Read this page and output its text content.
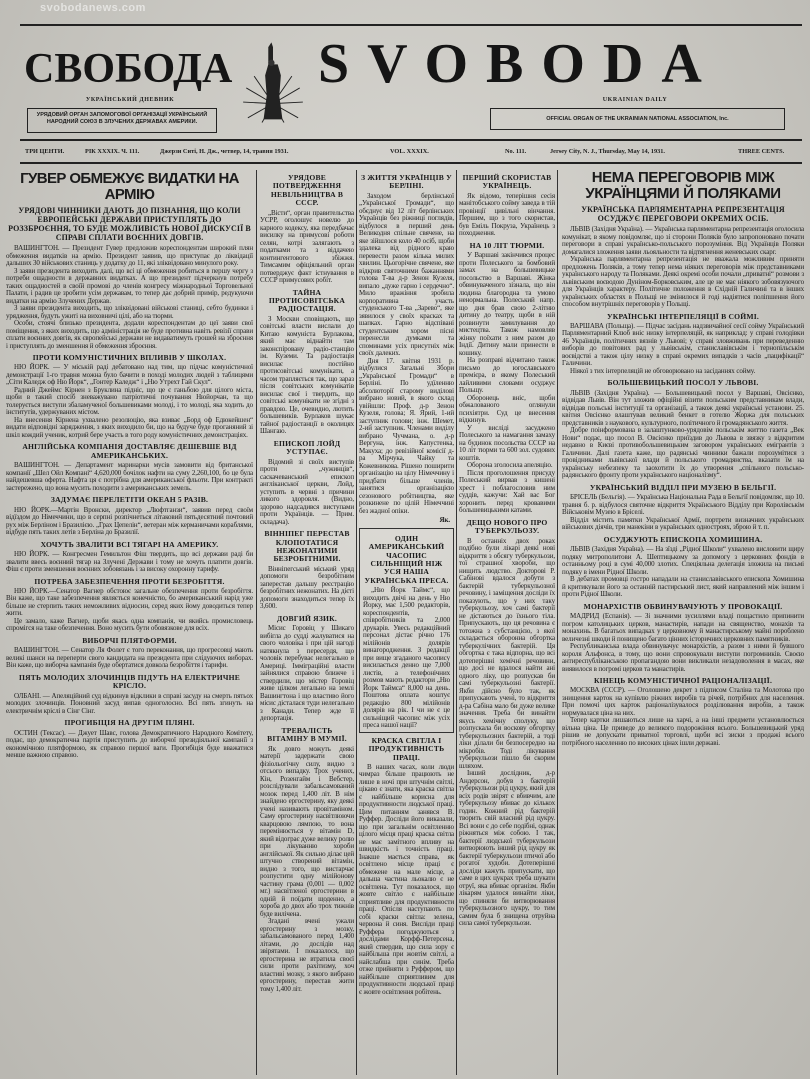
svobodanews.com
СВОБОДА
УКРАЇНСЬКИЙ ДНЕВНИК
УРЯДОВИЙ ОРГАН ЗАПОМОГОВОЇ ОРГАНІЗАЦІЇ УКРАЇНСЬКИЙ НАРОДНИЙ СОЮЗ В ЗЛУЧЕНИХ ДЕРЖАВАХ АМЕРИКИ.
SVOBODA
UKRAINIAN DAILY
OFFICIAL ORGAN OF THE UKRAINIAN NATIONAL ASSOCIATION, Inc.
ТРИ ЦЕНТИ.	РІК XXXIX. Ч. 111.	Джерзи Ситі, Н. Дж., четвер, 14, травня 1931.	VOL. XXXIX.	No. 111.	Jersey City, N. J., Thursday, May 14, 1931.	THREE CENTS.
ГУВЕР ОБМЕЖУЄ ВИДАТКИ НА АРМІЮ
УРЯДОВІ ЧИННИКИ ДАЮТЬ ДО ПІЗНАННЯ, ЩО КОЛИ ЕВРОПЕЙСЬКІ ДЕРЖАВИ ПРИСТУПЛЯТЬ ДО РОЗЗБРОЄННЯ, ТО БУДЕ МОЖЛИВІСТЬ НОВОЇ ДИСКУСІЇ В СПРАВІ СПЛАТИ ВОЄННИХ ДОВГІВ.

ВАШИНГТОН. — Президент Гувер предложив кореспондентам широкий плян обмеження видатків на армію. Президент заявив, що приступає до ліквідації дальших 30 військових станиць у додатку до 11, які зліквідовано минулого року.

З заяви президента виходить далі, що всі ці обмеження робиться в першу чергу з потреби ощадности в державних видатках. А що президент підчеркнув потребу таких ощадностей в своїй промові до членів конгресу міжнародньої Торговельної Палати, і радив це зробити усім державам, то тепер дає добрий примір, редукуючи видатки на армію Злучених Держав.

З заяви президента виходить, що зліквідовані військові станиці, себто будинки і урядження, будуть ужиті на виховничі цілі, або на тюрми.

Особи, стоячі близько президента, додали кореспондентам до цеї заяви свої поміщення, з яких виходить, що адміністрація не буде противна навіть ревізії справи сплати воєнних довгів, як європейські держави не видаватимуть грошей на зброєння і приступлять до зменшення й обмеження зброєння.

ПРОТИ КОМУНІСТИЧНИХ ВПЛИВІВ У ШКОЛАХ.

НЮ ЙОРК. — У міській раді дебатовано над тим, що підчас комуністичної демонстрації 1-го травня можна було бачити в поході молодих людей з таблицями „Сіти Каледж оф Ню Йорк“, „Гонтер Каледж“ і „Ню Утрехт Гай Скул“.

Радний Джеймс Кірнен з Бруклина підніс, що це є ганьбою для цілого міста, щоби в такий спосіб зневажувано патріотичні почування Нюйорчан, та що толерується виступи збаламученої большевиками молоді, і то молоді, яка ходить до інститутів, удержуваних містом.

На внесення Кірнена ухвалено резолюцію, яка взиває „Борд оф Едюкейшен“ видати відповідні зарядження, з яких виходило би, що на будуче буде проганяний зі шкіл кождий ученик, котрий бере участь в того роду комуністичних демонстраціях.

АНГЛІЙСЬКА КОМПАНІЯ ДОСТАВЛЯЄ ДЕШЕВШЕ ВІД АМЕРИКАНСЬКИХ.

ВАШИНГТОН. — Департамент маринарки мусів замовити від британської компанії „Шел Ойл Компані“ 4,620,000 бочілок нафти на суму 2,260,100, бо це була найдешевша оферта. Нафта ця є потрібна для американської фльоти. При контракті застережено, що вона мусить походити з американських земель.

ЗАДУМАЄ ПЕРЕЛЕТІТИ ОКЕАН 5 РАЗІВ.

НЮ ЙОРК.—Мартін Вронски, директор „Люфтганзи“, заявив перед своїм відїздом до Німеччини, що в серпні розпічнеться літаковий пятьдесятний почтовий рух між Берліном і Бразилією. „Грах Цепелін“, ветеран між керманичами кораблями, відбуде пять таких летів з Берліна до Бразилії.

ХОЧУТЬ ЗВАЛИТИ ВСІ ТЯГАРІ НА АМЕРИКУ.

НЮ ЙОРК. — Конгресмен Гемильтон Фіш твердить, що всі держави раді би звалити ввесь воєнний тягар на Злучені Держави і тому не хочуть платити довгів. Фіш є проти зменшення воєнних зобовязань і за високу охоронну тарифу.

ПОТРЕБА ЗАБЕЗПЕЧЕННЯ ПРОТИ БЕЗРОБІТТЯ.

НЮ ЙОРК.—Сенатор Вагнер обстоює загальне обезпечення проти безробіття. Він каже, що таке забезпечення являється конечністю, бо американський нарід уже більше не стерпить таких неможливих відносин, серед яких йому доводиться тепер жити.

Це замало, каже Вагнер, щоби якась одна компанія, чи якийсь промисловець спромігся на таке обезпечення. Воно мусить бути обовязкове для всіх.

ВИБОРЧІ ПЛЯТФОРМИ.

ВАШИНГТОН. — Сенатор Ля Фолет є того переконання, що прогресовці мають великі шанси на переперти свого кандидата на президента при слідуючих виборах. Він каже, що виборча кампанія буде обертатися довкола безробіття і тарифи.

ПЯТЬ МОЛОДИХ ЗЛОЧИНЦІВ ПІДУТЬ НА ЕЛЕКТРИЧНЕ КРІСЛО.

ОЛБАНІ. — Апеляційний суд відкинув відклики в справі засуду на смерть пятьох молодих злочинців. Поновний засуд випав одноголосно. Всі пять згинуть на електричнім кріслі в Сінг Сінг.

ПРОГИБІЦІЯ НА ДРУГІМ ПЛЯНІ.

ОСТИН (Тексас). — Джует Шавс, голова Демократичного Народного Комітету, подає, що демократична партія приступить до виборчої президіяльної кампанії з економічною плятформою, як справою першої ваги. Прогибіція буде вважатися менше важною справою.

УРЯДОВЕ ПОТВЕРДЖЕННЯ НЕВІЛЬНИЦТВА В СССР.

„Вісти“, орган правительства УСРР, оголошує новелю до карного кодексу, яка передбачає висилку на примусові роботи селян, котрі залягають з податками та з віддачею контингентового збіжжя. Тимсамим офіціяльний орган потверджує факт істнування в СССР примусових робіт.

ТАЙНА ПРОТИСОВІТСЬКА РАДІОСТАЦІЯ.

З Москви сповіщають, що совітські власти вислали до Китаю комуніста Бурлакова, який має віднайти там законспіровану радіо-станцію ім. Куземи. Та радіостація висилає постійно протисовітські комунікати, а часом трапляється так, що зараз після совітських комунікатів висилає свої і твердить, що совітські комунікати не згідні з правдою. Це, очевидно, лютить большевиків. Бурлаков шукає тайної радіостанції в околицях Шангаю.

ЕПИСКОП ЛОЙД УСТУПАЄ.

Відомий зі своїх виступів проти „чужинців“, саскачеванський епископ англіканської церкви, Лойд, уступить в червні з причини ликого здоровля. (Видно, здорово надсадився виступами проти Українців. — Прим. складача).

ВІННІПЕГ ПЕРЕСТАВ КЛОПОТАТИСЯ НЕЖОНАТИМИ БЕЗРОБІТНИМИ.

Вінніпегський міський уряд допомоги безробітним заперестав дальшу реєстрацію безробітних нежонатих. На дієті допомоги знаходиться тепер їх 3,600.

ДОВГИЙ ЯЗИК.

Місис Горовіц у Шикаго вибігла до судді жалуватися на свого чоловіка і при цій нагоді натякнула з пересердя, що чоловік перебуває нелегально в Америці. Імміграційні власти зайнялися справою ближче і ствердили, що містер Горовіц живе цілком легально на землі Вашингтона і що властиво його місис дісталася туди нелегально з Канади. Тепер жде її депортація.

ТРЕВАЛІСТЬ ВІТАМІНУ В МУМІЇ.

Як довго можуть деякі матерії задержати свою фізіольогічну силу, видно з отсього випадку. Трох учених, Кін, Розенгайм і Вебстер, розслідували забальсамований мозок перед 1,400 літ. В нім знайдено ергостерину, яку деякі учені називають провітаміном. Саму ергостерину насвітлюючи кварцовою лямпою, то вона перемінюється у вітамін D, який відограє дуже велику ролю при лікуванню хороби англійської. Як сильно ділає цей штучно створений вітамін, видно з того, що вистарчає розпустити одну мілійонову частину грама (0,001 — 0,002 мг.) насвітленої ергостерини в одній й поїдати щоденно, а хороба до двох або трох тижнів буде вилічена.

Згадані вчені ужали ергостерину з мозку, забальсамованого перед 1,400 літами, до дослідів над звірятами. І показалося, що ергостерина не втратила своєї сили проти рахітизму, хоч властиві мозку, з якого вибрано ергостерину, перестав жити тому 1,400 літ.

З ЖИТТЯ УКРАЇНЦІВ У БЕРЛІНІ.

Заходом берлінської „Української Громади“, що обєднує від 12 літ берлінських Українців без ріжниці поглядів, відбулося в перший день Великодня спільне свячене, на яке зійшлося коло 40 осіб, щоби здалека від рідного краю перевести разом кілька милих хвилин. Цьогорічне свячене, яке відкрив святочними бажаннями голова Т-ва д-р Зенон Кузеля, випало „дуже гарно і сердечно“. Мило вражіння зробила корпоративна участь студенського Т-ва „Зарево“, яке зявилося у своїх красках та шапках. Гарно відспівані студентським хором пісні перенесли думками та споминами усіх присутніх між своїх далеких.

Дня 17. квітня 1931 р. відбулися Загальні Збори „Української Громади“ в Берліні. По удїленню абсолюторії старому виділові вибрано новий, в якого склад увійшли: Проф. д-р Зенон Кузеля, голова; Я. Ярий, 1-ий заступник голови; інж. Шемет, 2-ий заступник. Членами виділу вибрано Чучмана, о. д-р Вергуна, інж. Капустенка, Макуха; до ревізійної комісії д-ра Мірчука, Чайку та Кожевникова. Рішено поширити організацію на цілу Німеччину і придбати більше членів, занятися організацією сезонового робітництва, яке розкинене по цілій Німеччині без жадної опіки.

Як.
ОДИН АМЕРИКАНСЬКИЙ ЧАСОПИС СИЛЬНІЩИЙ НІЖ УСЯ НАША УКРАЇНСЬКА ПРЕСА.

„Ню Йорк Таймс“, що виходить двічі на день у Ню Йорку, має 1,500 редакторів, кореспондентів, співробітників та 2,000 друкарів. Увесь редакційний персонал дістає річно 176 мілійонів долярів винагородження. З редакції при вище згаданого часопису висилається денно ще 7,000 листів, а телефонічних розмов мають редактори „Ню Йорк Таймса“ 8,000 на день. Поштова оплата коштує редакцію 800 мілійонів долярів на рік. І чи не є це сильніщий часопис між усіх преса нашої нації?

КРАСКА СВІТЛА І ПРОДУКТИВНІСТЬ ПРАЦІ.

В наших часах, коли люди чимраз більше працюють не лише в ночі при штучнім світлі, цікаво є знати, яка краска світла є найбільше корисна для продуктивности людської праці. Цим питанням занявся В. Руффер. Досліди його виказали, що при загальнім освітленню цілого місця праці краска світла не має замітного впливу на швидкість і точність праці. Інакше мається справа, як освітлено місце праці є обмежене на мале місце, а дальша частина льокалю є не освітлена. Тут показалося, що жовте світло є найбільше сприятливе для продуктивности праці. Опісля наступають по собі краски світла: зелена, червона й синя. Висліди праці Руффера погоджуються з дослідами Корфф-Петерсена, який ствердив, що сила зору є найбільша при жовтім світлі, а найслабша при синім. Треба отже прийняти з Руффером, що найбільше сприятливим для продуктивности людської праці є жовте освітлення робітень.

ПЕРШИЙ СКОРИСТАВ УКРАЇНЕЦЬ.

Як відомо, теперішня сесія манітобського сойму заведа в тій провінції цивільні вінчання. Першим, що з того скористав, був Еміль Покруза, Українець з походження.

НА 10 ЛІТ ТЮРМИ.

У Варшаві закінчився процес проти Полеського за бомбовий замах на большевицьке посольство в Варшаві. Жінка обвинуваченого зізнала, що він людина благородна та умово ненормальна. Полеський напр. що дня брав свою 2-літню дитину до театру, щоби в ній розвинути замилування до мистецтва. Також намовляв жінку поїхати з ним разом до Індії. Дитину мали принести в кошику.

На розправі відчитано також письмо до югославського премієра, в якому Полеський лайливими словами осуджує Польщу.

Оборонець вніс, щоби обжалованого оглянули психіятри. Суд це внесення відкинув.

У висліді засуджено Полеського за намагання замаху на будинок посольства СССР на 10 літ тюрми та 600 зол. судових коштів.

Оборона зголосила апеляцію.

Після проголошення присуду Полеський вирвав з кишені хрест і поблагословив ним суддів, кажучи: Хай вас Бог хоронить перед кровавими большевицькими катами.

ДЕЩО НОВОГО ПРО ТУБЕРКУЛЬОЗУ.

В останніх двох роках подібно були лікарі деякі нові відкриття з обсягу туберкульози, тої страшної хвороби, що нищить людство. Докторові Р. Сабінові вдалося добути з бактерій туберкульозної речовину, і заміщення досліди їх показують, що у них таку туберкульозу, хоч самі бактерії не дістаються до їхнього тіла. Припускають, що ця речовина є тотожна з субстанцією, з якої складається оборонна обгортка туберкулічних бактерій. Ця обгортка є така відпорна, що всі дотеперішні хемічні речовини, що досі не вдалося найти ані одного ліку, що розпускав би самі туберкульозні бактерії. Якби дійсно було так, як припускають учені, то відкриття д-ра Сабіна мало би дуже велике значення. Треба би винайти якусь хемічну сполуку, що розпускала би воскову обгортку туберкульозних бактерій, а тоді ліки ділали би безпосередно на мікробів. Тоді лікування туберкульози пішло би скорим шляхом.

Інший дослідник, д-р Андерсон, добув з бактерій туберкульози рід цукру, який для всіх родів звірят є вбивчим, але туберкульозу вбиває до кількох годин. Кожний рід бактерій творить свій власний рід цукру. Всі вони є до себе подібні, однак ріжняться між собою. І так, бактерії людської туберкульози витворюють інший рід цукру як бактерії туберкульози птичої або рогатої худоби. Дотеперішні досліди кажуть припускати, що саме в цих цукрах треба шукати отруї, яка вбиває організм. Якби лікарям удалося винайти ліки, що спиняли би витворювання туберкульозного цукру, то тим самим була б знищена отруйна сила самої туберкульози.

НЕМА ПЕРЕГОВОРІВ МІЖ УКРАЇНЦЯМИ Й ПОЛЯКАМИ
УКРАЇНСЬКА ПАРЛЯМЕНТАРНА РЕПРЕЗЕНТАЦІЯ ОСУДЖУЄ ПЕРЕГОВОРИ ОКРЕМИХ ОСІБ.

ЛЬВІВ (Західня Україна). — Українська парляментарна репрезентація оголосила комунікат, в якому повідомляє, що зі сторони Поляків було запропоновано почати переговори в справі українсько-польського порозуміння. Від Українців Поляки домагалися зложення заяви льояльности та відтягнення женевських скарг.

Українська парляментарна репрезентація не вважала можливим приняти предложень Поляків, а тому тепер нема ніяких переговорів між представниками українського народу та Поляками. Деякі окремі особи почали „приватні“ розмови з львівським воєводою Дуніном-Борковським, але це не має ніякого зобовязуючого для Українців характеру. Політичне положення в Східній Галичині та в інших українських областях в Польщі не змінилося й годі надіятися поліпшення його способом внутрішніх переговорів у Польщі.

УКРАЇНСЬКІ ІНТЕРПЕЛЯЦІЇ В СОЙМІ.

ВАРШАВА (Польща). — Підчас засідань надзвичайної сесії сойму Український Парляментарний Клюб вніс низку інтерпеляцій, як наприклад: у справі голодівки 46 Українців, політичних вязнів у Львові; у справі зловживань при переведенню виборів до повітових рад у львівськім, станиславівськім і тернопільськім воєвідстві а також цілу низку в справі окремих випадків з часів „пацифікації“ Галичини.

Ніякої з тих інтерпеляцій не обговорювано на засіданнях сойму.

БОЛЬШЕВИЦЬКИЙ ПОСОЛ У ЛЬВОВІ.

ЛЬВІВ (Західня Україна). — Большевицький посол у Варшаві, Овсієнко, відвідав Львів. Він тут зложив офіційні візити польським представникам влади, відвідав польські інституції та організації, а також деякі українські установи. 25. квітня Овсієнко влаштував великий бенкет в готелю Жоржа для польських представників з наукового, культурного, політичного й громадянського життя.

Добре поінформована в залаштунково-урядовім польськім життю газета „Век Нови“ подає, що посол В. Овсієнко приїздив до Львова в звязку з відкритим недавно в Києві противобольшевицьким заговором українських емігрантів з Галичини. Далі газета каже, що радянські чинники бажали порозумітися з провідниками львівської влади й польського громадянства, вказати їм на українську небезпеку та заохотити їх до утворення „спільного польсько-радянського фронту проти українського націоналізму“.

УКРАЇНСЬКИЙ ВІДДІЛ ПРИ МУЗЕЮ В БЕЛЬГІЇ.

БРІСЕЛЬ (Бельгія). — Українська Національна Рада в Бельгії повідомляє, що 10. травня б. р. відбулося святочне відкриття Українського Відділу при Королівськім Військовім Музею в Брiселі.

Відділ містить памятки Української Армії, портрети визначних українських військових діячів, три манекіни в українських одностроях, зброю й т. п.

ОСУДЖУЮТЬ ЕПИСКОПА ХОМИШИНА.

ЛЬВІВ (Західня Україна). — На зїзді „Рідної Школи“ ухвалено висловити щиру подяку митрополитови А. Шептицькому за допомогу з церковних фондів в останньому році в сумі 40,000 злотих. Спеціяльна делегація зложила на письмі подяку в імени Рідної Школи.

В дебатах промовці гостро нападали на станиславівського епископа Хомишина й критикували його за останній пастирський лист, який направлений між іншим і проти Рідної Школи.

МОНАРХІСТІВ ОБВИНУВАЧУЮТЬ У ПРОВОКАЦІЇ.

МАДРИД (Еспанія). — Зі значними зусиллями владі пощастило припинити погром католицьких церков, манастирів, напади на священство, монахів та монахинь. В багатьох випадках у церковному й манастирському майні пороблено величезні шкоди й понищено багато цінних історичних церковних памятників.

Республиканська влада обвинувачує монархістів, а разом з ними й бувшого короля Альфонса, в тому, що вони спровокували виступи погромників. Своєю антиреспубліканською пропагандою вони викликали незадоволення в масах, яке виявилося в погромі церков та манастирів.

КІНЕЦЬ КОМУНІСТИЧНОЇ РАЦІОНАЛІЗАЦІЇ.

МОСКВА (СССР). — Оголошено декрет з підписом Сталіна та Молотова про знищення карток на купівлю ріжних виробів та річей, потрібних для населення. При помочі цих карток раціоналізувалося розділювання виробів, а також нормувалася ціна на них.

Тепер картки лишаються лише на харчі, а на інші предмети установлюється вільна ціна. Це приведе до великого подорожіння всього. Большевицький уряд рішив не допускати приватної торговлі, щоби всі зиски з продажі всього потрібного населенню по високих цінах ішли державі.
